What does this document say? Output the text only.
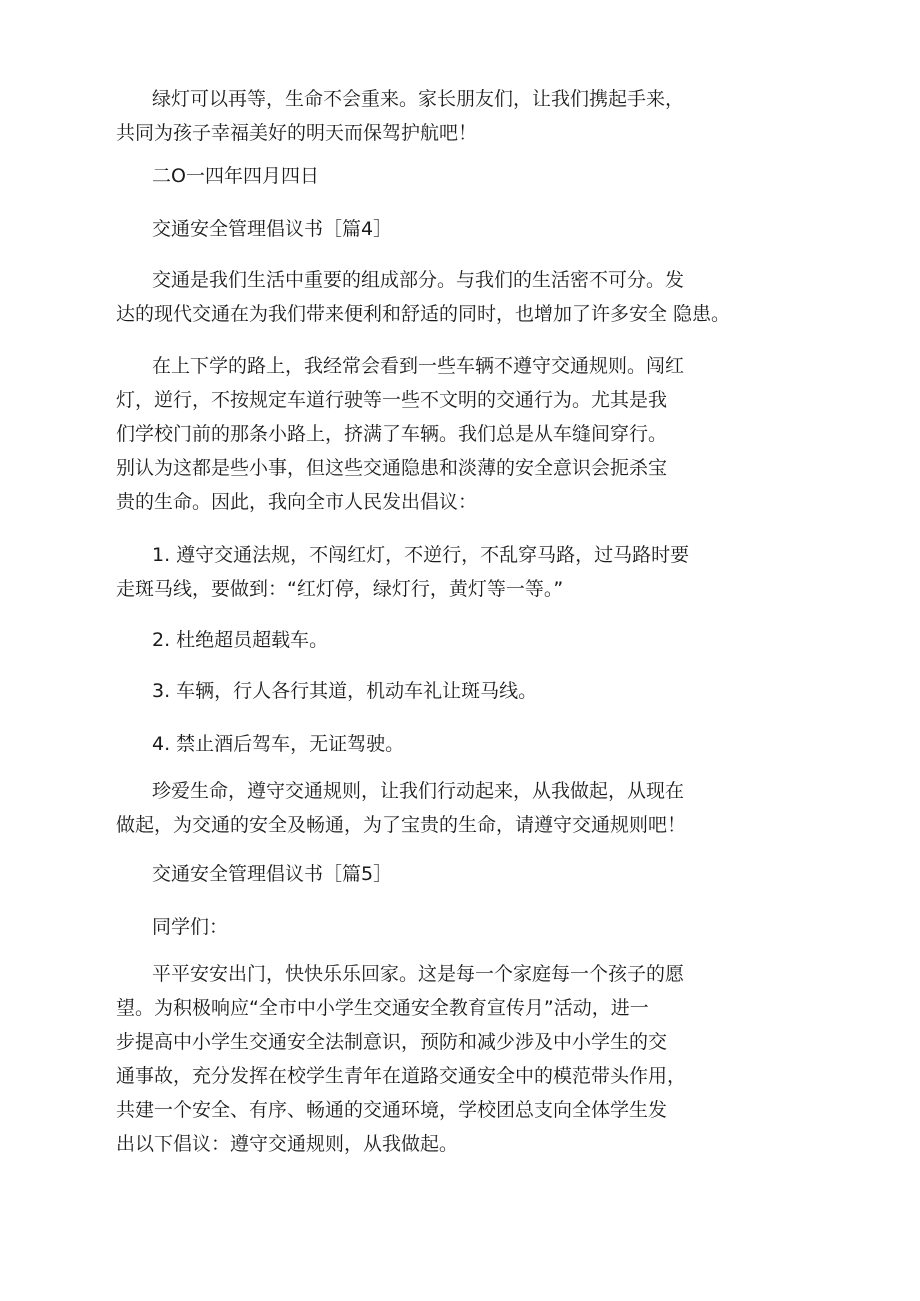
绿灯可以再等，生命不会重来。家长朋友们，让我们携起手来，
共同为孩子幸福美好的明天而保驾护航吧！

二O一四年四月四日

交通安全管理倡议书［篇4］

交通是我们生活中重要的组成部分。与我们的生活密不可分。发
达的现代交通在为我们带来便利和舒适的同时，也增加了许多安全 隐患。

在上下学的路上，我经常会看到一些车辆不遵守交通规则。闯红
灯，逆行，不按规定车道行驶等一些不文明的交通行为。尤其是我
们学校门前的那条小路上，挤满了车辆。我们总是从车缝间穿行。
别认为这都是些小事，但这些交通隐患和淡薄的安全意识会扼杀宝
贵的生命。因此，我向全市人民发出倡议：

1. 遵守交通法规，不闯红灯，不逆行，不乱穿马路，过马路时要
走斑马线，要做到：“红灯停，绿灯行，黄灯等一等。”

2. 杜绝超员超载车。

3. 车辆，行人各行其道，机动车礼让斑马线。

4. 禁止酒后驾车，无证驾驶。

珍爱生命，遵守交通规则，让我们行动起来，从我做起，从现在
做起，为交通的安全及畅通，为了宝贵的生命，请遵守交通规则吧！

交通安全管理倡议书［篇5］

同学们：

平平安安出门，快快乐乐回家。这是每一个家庭每一个孩子的愿
望。为积极响应“全市中小学生交通安全教育宣传月”活动，进一
步提高中小学生交通安全法制意识，预防和减少涉及中小学生的交
通事故，充分发挥在校学生青年在道路交通安全中的模范带头作用，
共建一个安全、有序、畅通的交通环境，学校团总支向全体学生发
出以下倡议：遵守交通规则，从我做起。
